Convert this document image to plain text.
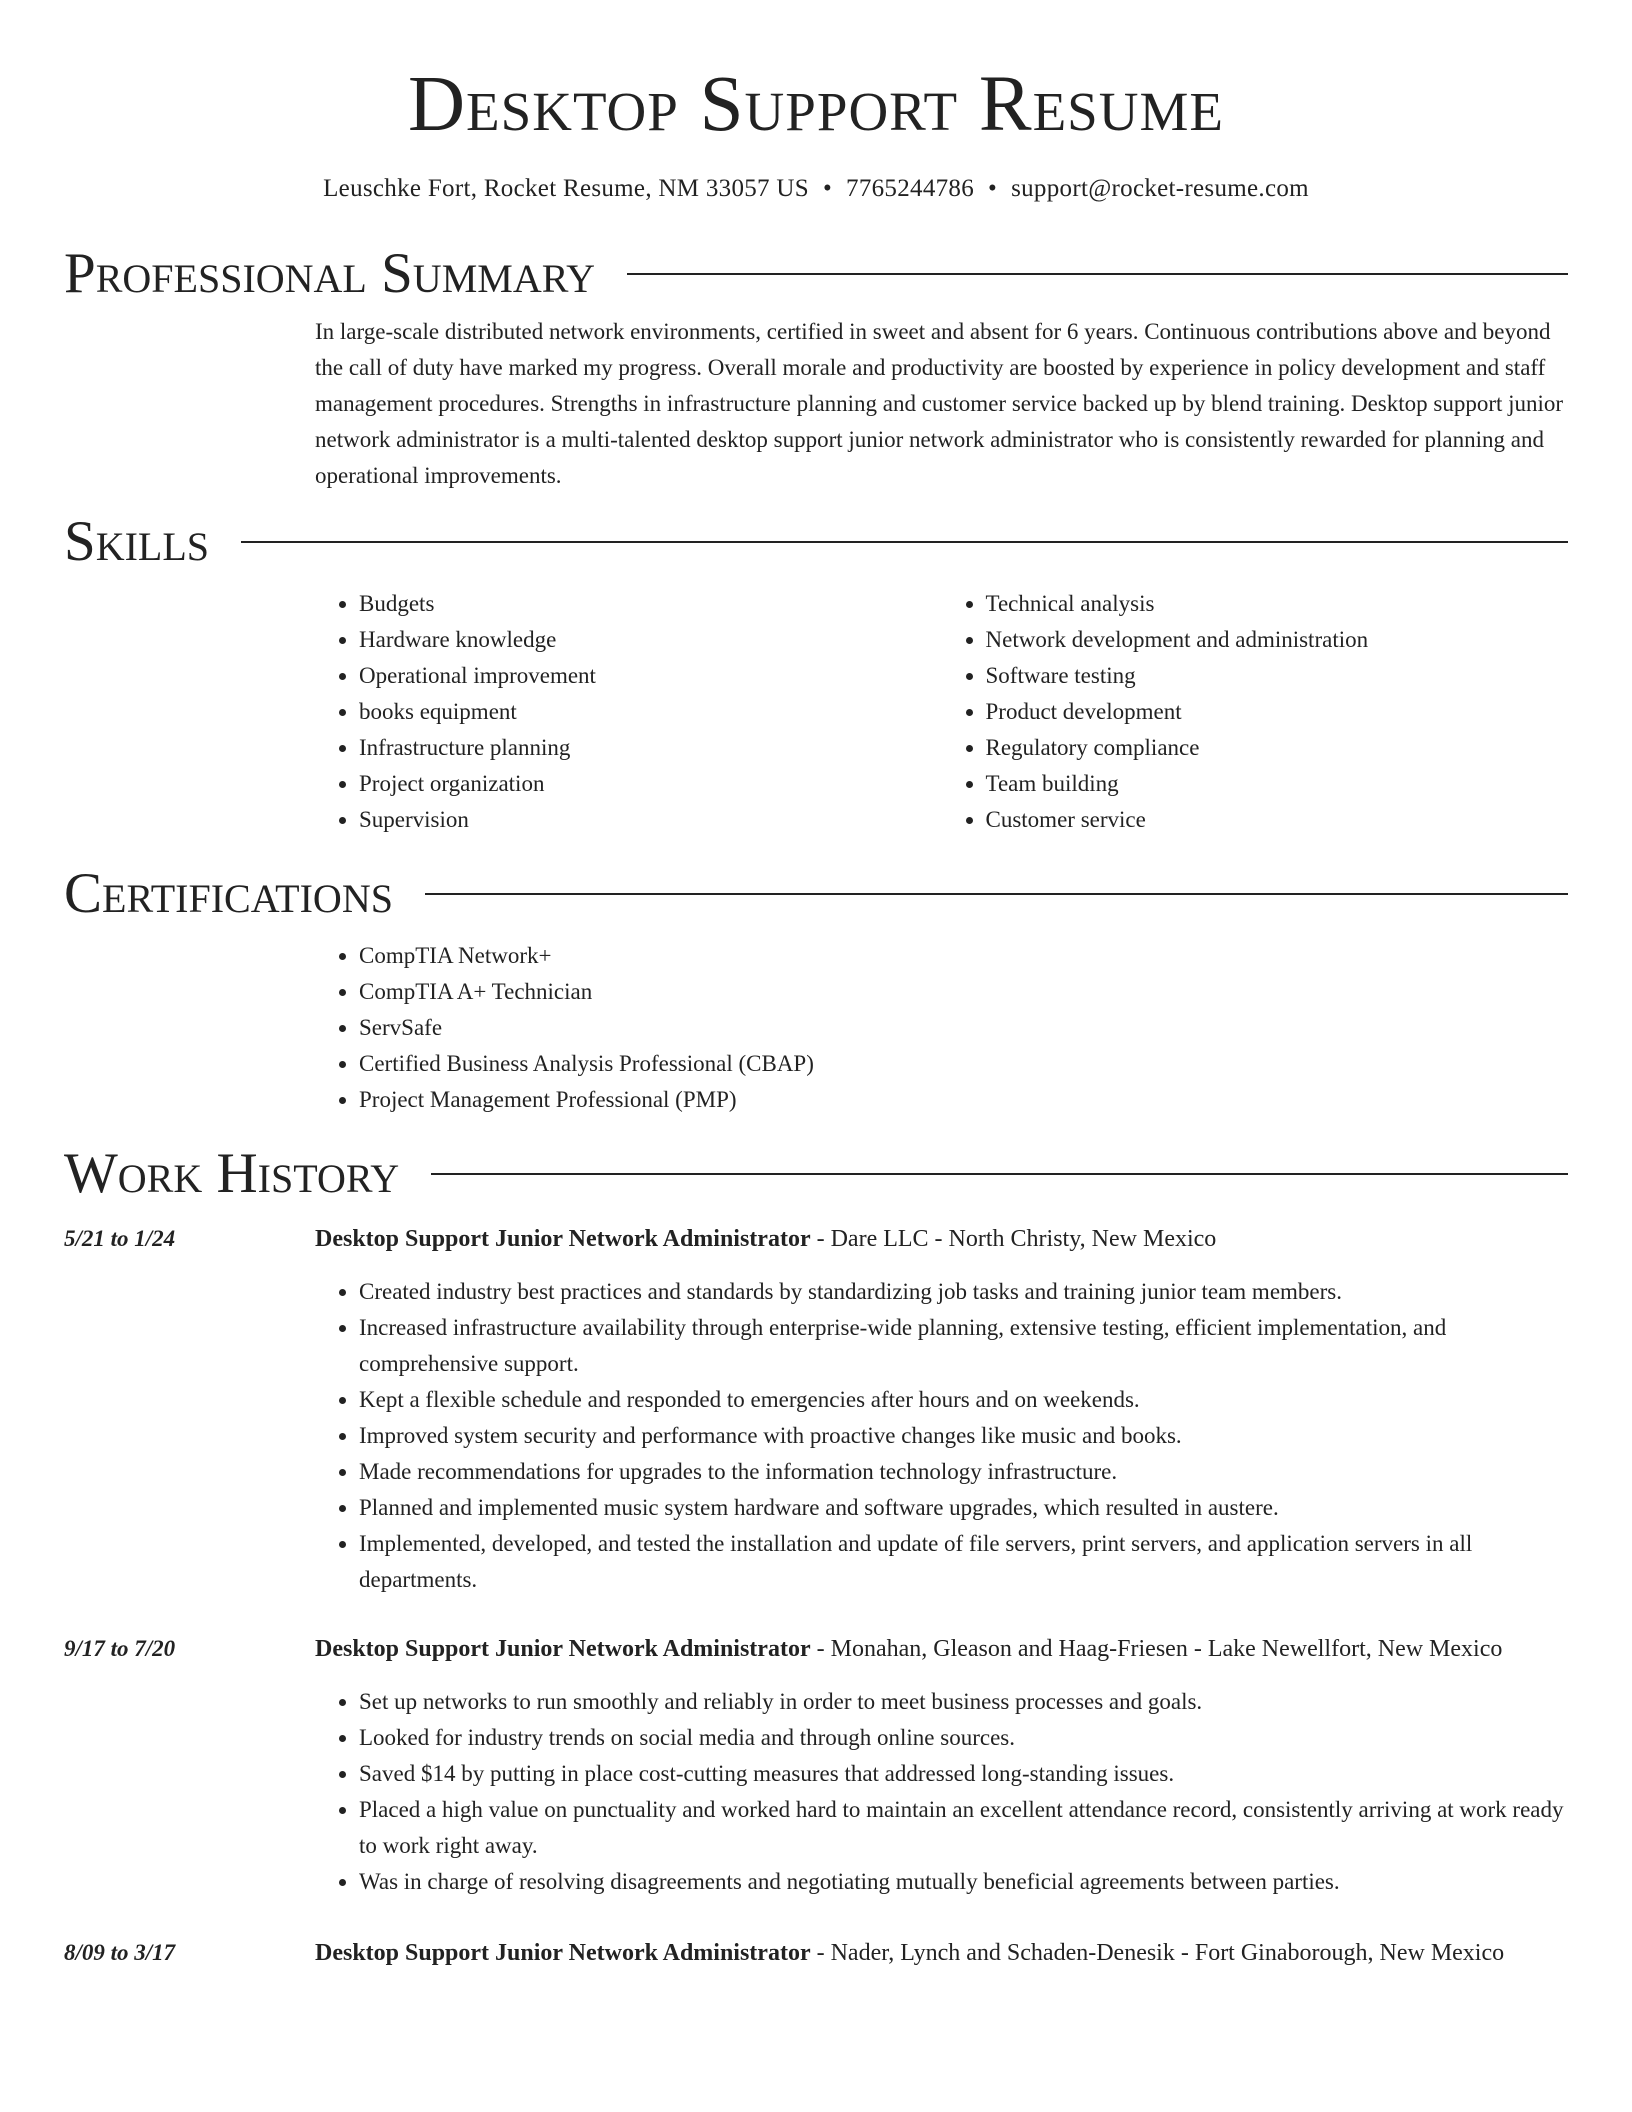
Desktop Support Resume
Leuschke Fort, Rocket Resume, NM 33057 US • 7765244786 • support@rocket-resume.com
Professional Summary

In large-scale distributed network environments, certified in sweet and absent for 6 years. Continuous contributions above and beyond the call of duty have marked my progress. Overall morale and productivity are boosted by experience in policy development and staff management procedures. Strengths in infrastructure planning and customer service backed up by blend training. Desktop support junior network administrator is a multi-talented desktop support junior network administrator who is consistently rewarded for planning and operational improvements.

Skills
• Budgets
• Hardware knowledge
• Operational improvement
• books equipment
• Infrastructure planning
• Project organization
• Supervision
• Technical analysis
• Network development and administration
• Software testing
• Product development
• Regulatory compliance
• Team building
• Customer service
Certifications
• CompTIA Network+
• CompTIA A+ Technician
• ServSafe
• Certified Business Analysis Professional (CBAP)
• Project Management Professional (PMP)
Work History
5/21 to 1/24	Desktop Support Junior Network Administrator - Dare LLC - North Christy, New Mexico
• Created industry best practices and standards by standardizing job tasks and training junior team members.
• Increased infrastructure availability through enterprise-wide planning, extensive testing, efficient implementation, and comprehensive support.
• Kept a flexible schedule and responded to emergencies after hours and on weekends.
• Improved system security and performance with proactive changes like music and books.
• Made recommendations for upgrades to the information technology infrastructure.
• Planned and implemented music system hardware and software upgrades, which resulted in austere.
• Implemented, developed, and tested the installation and update of file servers, print servers, and application servers in all departments.
9/17 to 7/20	Desktop Support Junior Network Administrator - Monahan, Gleason and Haag-Friesen - Lake Newellfort, New Mexico
• Set up networks to run smoothly and reliably in order to meet business processes and goals.
• Looked for industry trends on social media and through online sources.
• Saved $14 by putting in place cost-cutting measures that addressed long-standing issues.
• Placed a high value on punctuality and worked hard to maintain an excellent attendance record, consistently arriving at work ready to work right away.
• Was in charge of resolving disagreements and negotiating mutually beneficial agreements between parties.
8/09 to 3/17	Desktop Support Junior Network Administrator - Nader, Lynch and Schaden-Denesik - Fort Ginaborough, New Mexico
